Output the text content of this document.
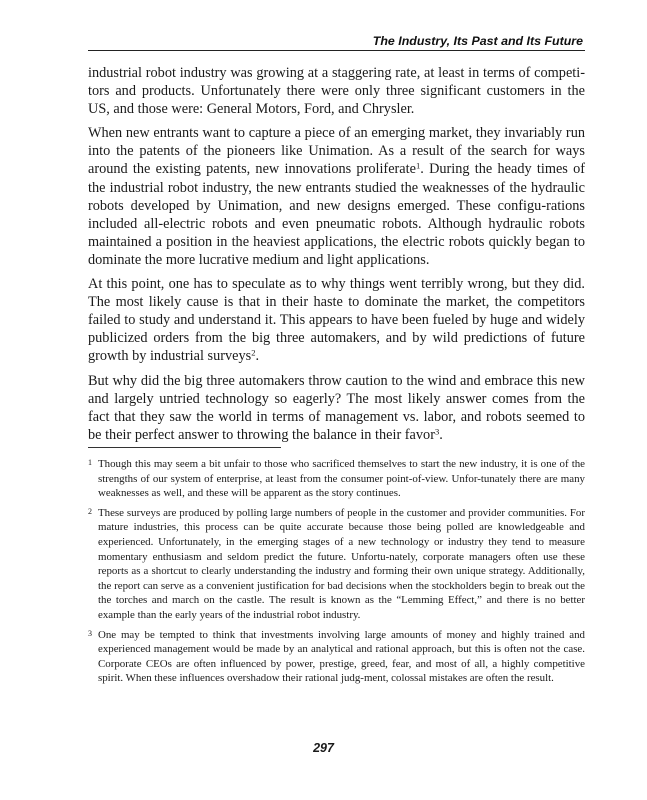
The Industry, Its Past and Its Future

industrial robot industry was growing at a staggering rate, at least in terms of competi-tors and products. Unfortunately there were only three significant customers in the US, and those were: General Motors, Ford, and Chrysler.

When new entrants want to capture a piece of an emerging market, they invariably run into the patents of the pioneers like Unimation. As a result of the search for ways around the existing patents, new innovations proliferate$^1$. During the heady times of the industrial robot industry, the new entrants studied the weaknesses of the hydraulic robots developed by Unimation, and new designs emerged. These configu-rations included all-electric robots and even pneumatic robots. Although hydraulic robots maintained a position in the heaviest applications, the electric robots quickly began to dominate the more lucrative medium and light applications.

At this point, one has to speculate as to why things went terribly wrong, but they did. The most likely cause is that in their haste to dominate the market, the competitors failed to study and understand it. This appears to have been fueled by huge and widely publicized orders from the big three automakers, and by wild predictions of future growth by industrial surveys$^2$.

But why did the big three automakers throw caution to the wind and embrace this new and largely untried technology so eagerly? The most likely answer comes from the fact that they saw the world in terms of management vs. labor, and robots seemed to be their perfect answer to throwing the balance in their favor$^3$.

1 Though this may seem a bit unfair to those who sacrificed themselves to start the new industry, it is one of the strengths of our system of enterprise, at least from the consumer point-of-view. Unfor-tunately there are many weaknesses as well, and these will be apparent as the story continues.
2 These surveys are produced by polling large numbers of people in the customer and provider communities. For mature industries, this process can be quite accurate because those being polled are knowledgeable and experienced. Unfortunately, in the emerging stages of a new technology or industry they tend to measure momentary enthusiasm and seldom predict the future. Unfortu-nately, corporate managers often use these reports as a shortcut to clearly understanding the industry and forming their own unique strategy. Additionally, the report can serve as a convenient justification for bad decisions when the stockholders begin to break out the the torches and march on the castle. The result is known as the “Lemming Effect,” and there is no better example than the early years of the industrial robot industry.
3 One may be tempted to think that investments involving large amounts of money and highly trained and experienced management would be made by an analytical and rational approach, but this is often not the case. Corporate CEOs are often influenced by power, prestige, greed, fear, and most of all, a highly competitive spirit. When these influences overshadow their rational judg-ment, colossal mistakes are often the result.
297
